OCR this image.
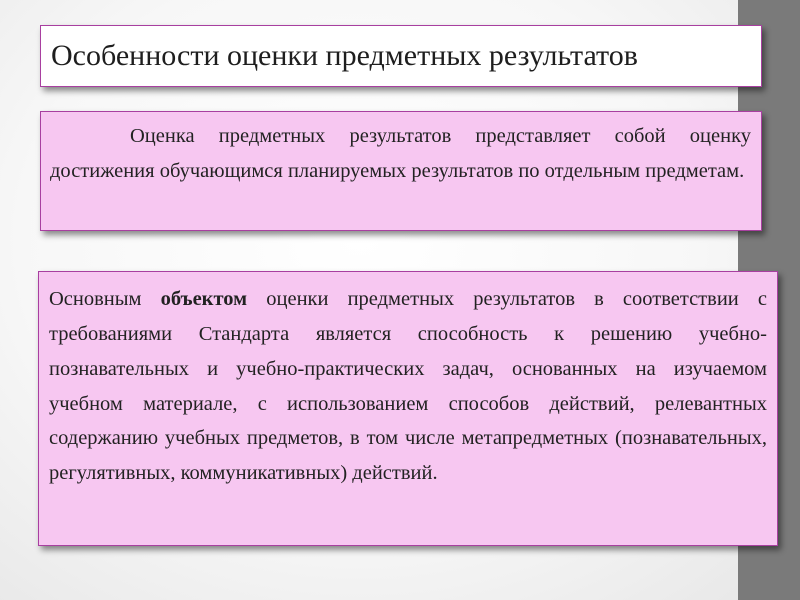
Особенности оценки предметных результатов

Оценка предметных результатов представляет собой оценку достижения обучающимся планируемых результатов по отдельным предметам.

Основным объектом оценки предметных результатов в соответствии с требованиями Стандарта является способность к решению учебно-познавательных и учебно-практических задач, основанных на изучаемом учебном материале, с использованием способов действий, релевантных содержанию учебных предметов, в том числе метапредметных (познавательных, регулятивных, коммуникативных) действий.
